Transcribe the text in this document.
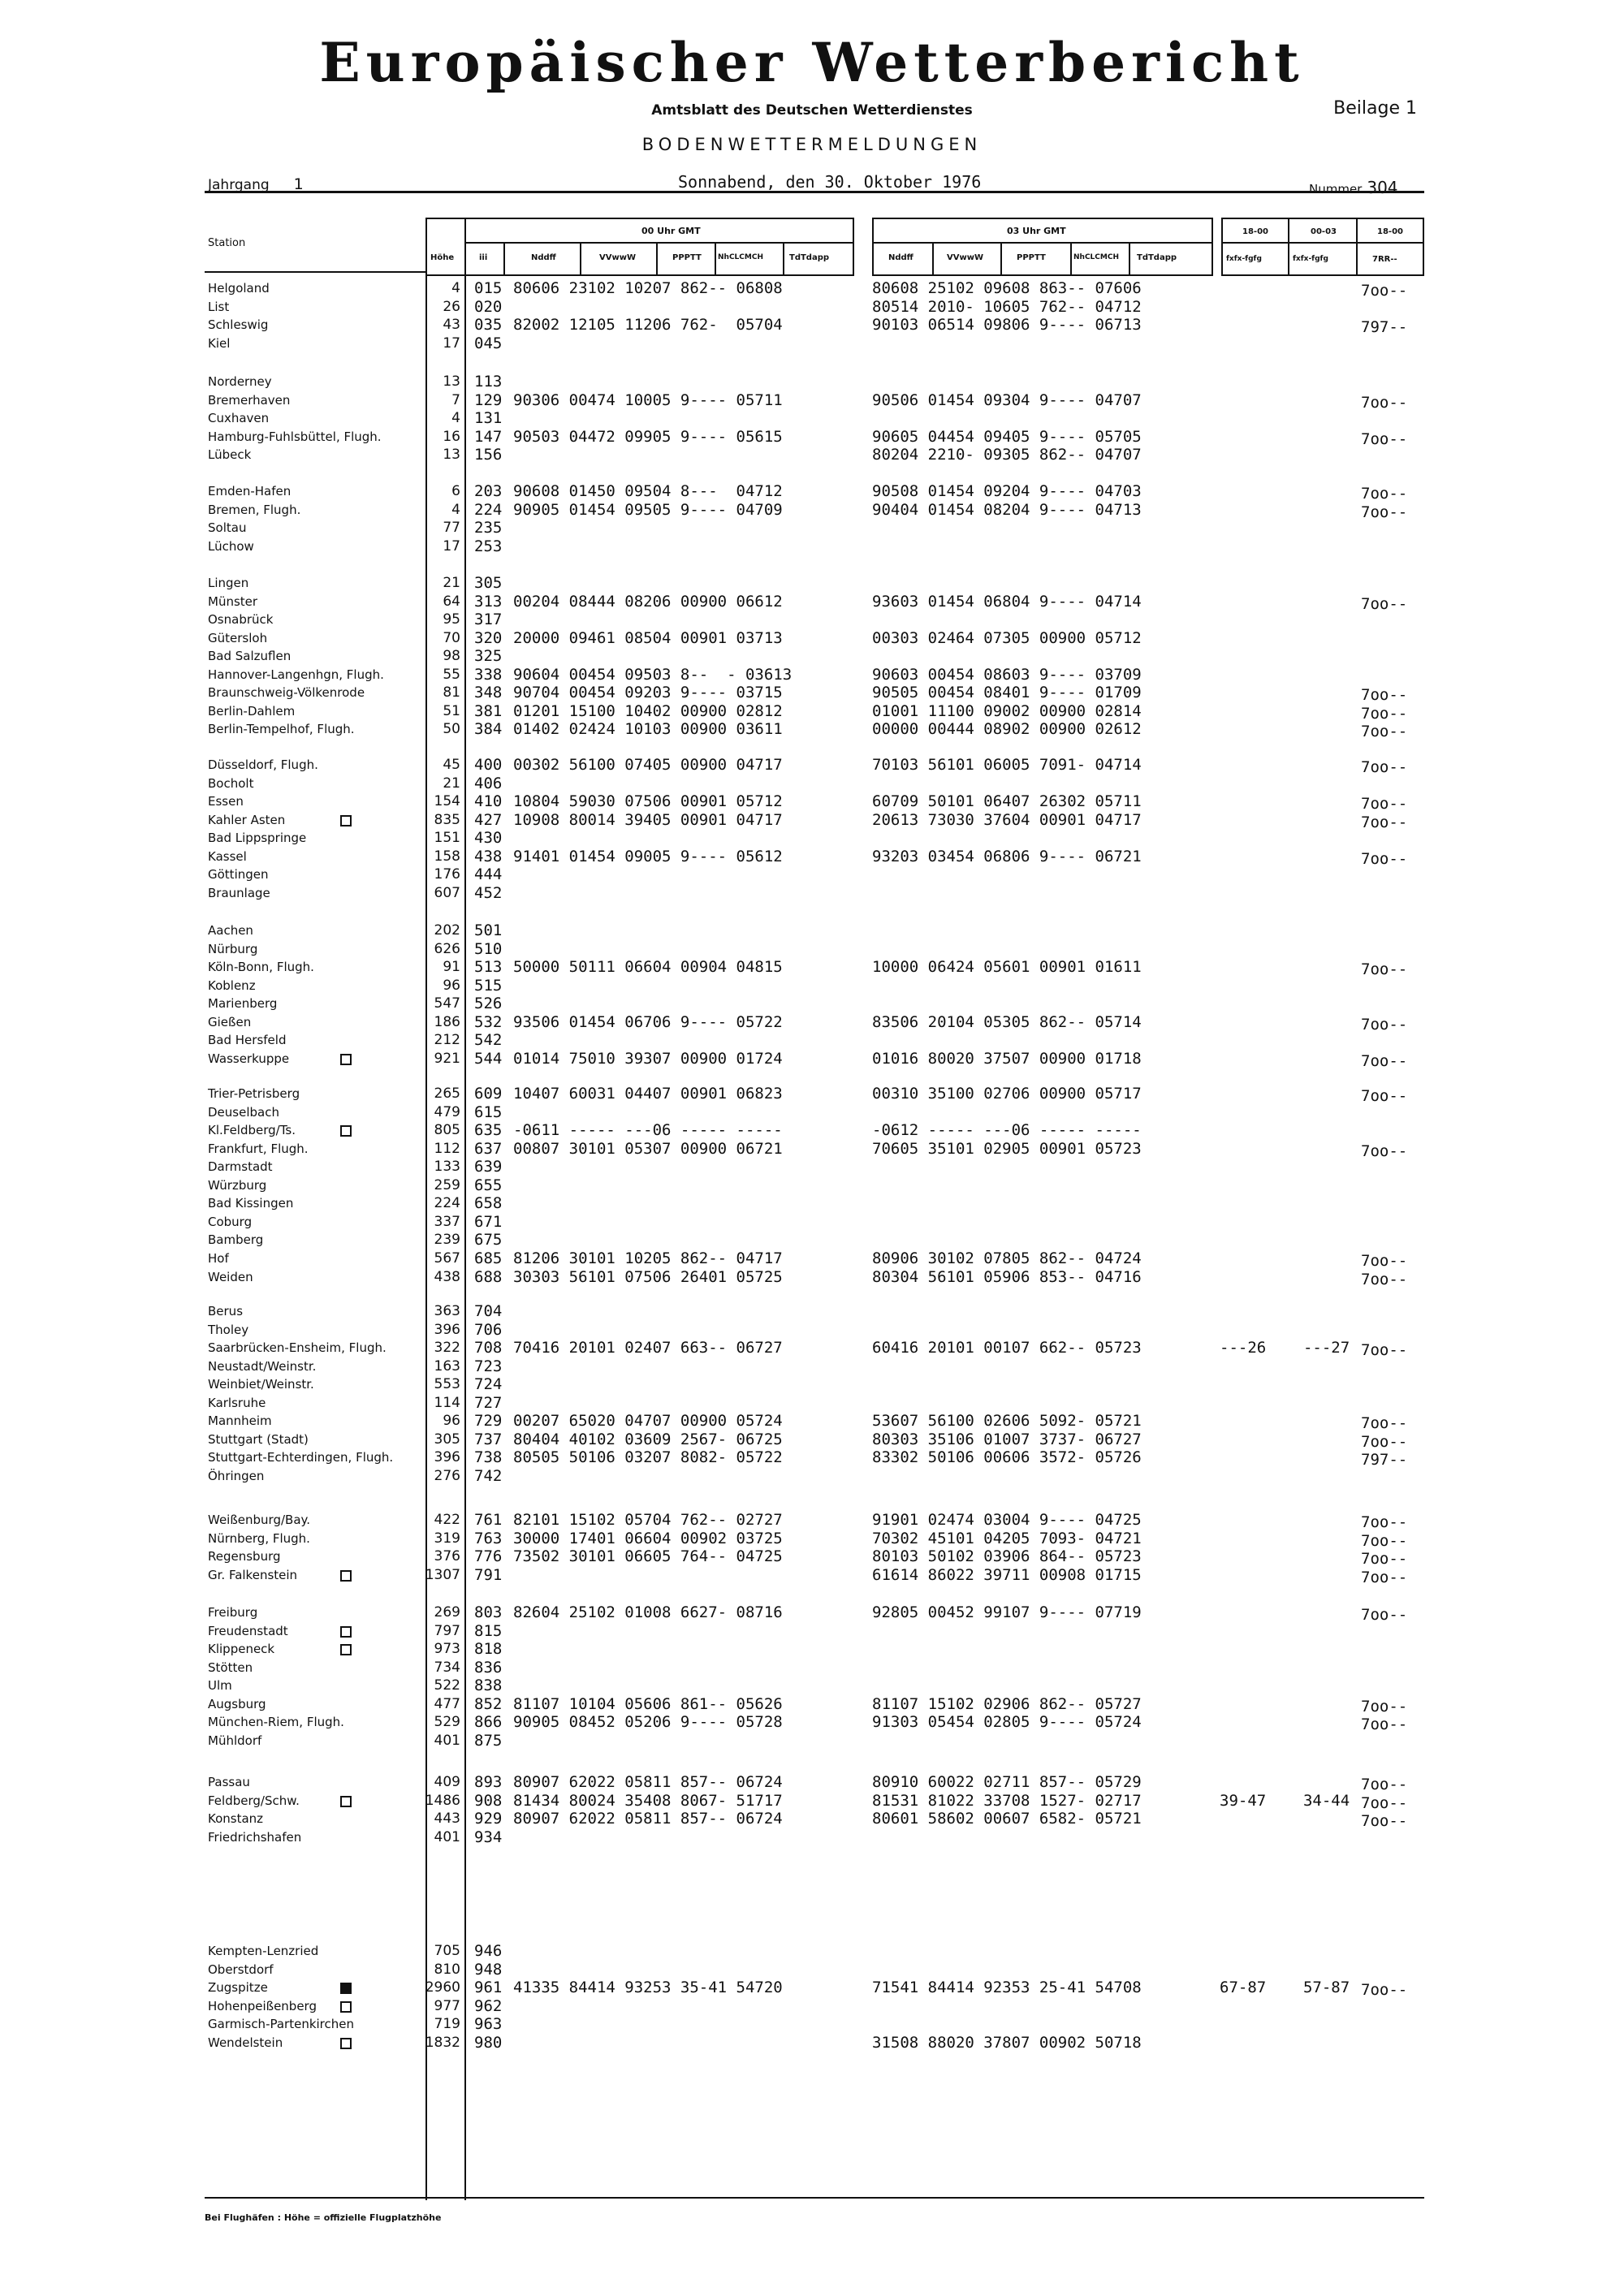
Europäischer Wetterbericht
Amtsblatt des Deutschen Wetterdienstes	Beilage 1
BODENWETTERMELDUNGEN
Jahrgang 1	Sonnabend, den 30. Oktober 1976	Nummer 304
Station
00 Uhr GMT
Höhe	iii	Nddff	VVwwW	PPPTT NhCLCMCH	TdTdapp
03 Uhr GMT
Nddff	VVwwW	PPPTT	NhCLCMCH TdTdapp
18-00	00-03	18-00
fxfx-fgfg	fxfx-fgfg	7RR--
Helgoland	4 015 80606 23102 10207 862-- 06808	80608 25102 09608 863-- 07606	7oo--
List	26 020	80514 2010- 10605 762-- 04712
Schleswig	43 035 82002 12105 11206 762-  05704	90103 06514 09806 9---- 06713	797--
Kiel	17 045
Norderney	13 113
Bremerhaven	7 129 90306 00474 10005 9---- 05711	90506 01454 09304 9---- 04707	7oo--
Cuxhaven	4 131
Hamburg-Fuhlsbüttel, Flugh.	16 147 90503 04472 09905 9---- 05615	90605 04454 09405 9---- 05705	7oo--
Lübeck	13 156	80204 2210- 09305 862-- 04707
Emden-Hafen	6 203 90608 01450 09504 8---  04712	90508 01454 09204 9---- 04703	7oo--
Bremen, Flugh.	4 224 90905 01454 09505 9---- 04709	90404 01454 08204 9---- 04713	7oo--
Soltau	77 235
Lüchow	17 253
Lingen	21 305
Münster	64 313 00204 08444 08206 00900 06612	93603 01454 06804 9---- 04714	7oo--
Osnabrück	95 317
Gütersloh	70 320 20000 09461 08504 00901 03713	00303 02464 07305 00900 05712
Bad Salzuflen	98 325
Hannover-Langenhgn, Flugh.	55 338 90604 00454 09503 8--  - 03613	90603 00454 08603 9---- 03709
Braunschweig-Völkenrode	81 348 90704 00454 09203 9---- 03715	90505 00454 08401 9---- 01709	7oo--
Berlin-Dahlem	51 381 01201 15100 10402 00900 02812	01001 11100 09002 00900 02814	7oo--
Berlin-Tempelhof, Flugh.	50 384 01402 02424 10103 00900 03611	00000 00444 08902 00900 02612	7oo--
Düsseldorf, Flugh.	45 400 00302 56100 07405 00900 04717	70103 56101 06005 7091- 04714	7oo--
Bocholt	21 406
Essen	154 410 10804 59030 07506 00901 05712	60709 50101 06407 26302 05711	7oo--
Kahler Asten	835 427 10908 80014 39405 00901 04717	20613 73030 37604 00901 04717	7oo--
Bad Lippspringe	151 430
Kassel	158 438 91401 01454 09005 9---- 05612	93203 03454 06806 9---- 06721	7oo--
Göttingen	176 444
Braunlage	607 452
Aachen	202 501
Nürburg	626 510
Köln-Bonn, Flugh.	91 513 50000 50111 06604 00904 04815	10000 06424 05601 00901 01611	7oo--
Koblenz	96 515
Marienberg	547 526
Gießen	186 532 93506 01454 06706 9---- 05722	83506 20104 05305 862-- 05714	7oo--
Bad Hersfeld	212 542
Wasserkuppe	921 544 01014 75010 39307 00900 01724	01016 80020 37507 00900 01718	7oo--
Trier-Petrisberg	265 609 10407 60031 04407 00901 06823	00310 35100 02706 00900 05717	7oo--
Deuselbach	479 615
Kl.Feldberg/Ts.	805 635 -0611 ----- ---06 ----- -----	-0612 ----- ---06 ----- -----
Frankfurt, Flugh.	112 637 00807 30101 05307 00900 06721	70605 35101 02905 00901 05723	7oo--
Darmstadt	133 639
Würzburg	259 655
Bad Kissingen	224 658
Coburg	337 671
Bamberg	239 675
Hof	567 685 81206 30101 10205 862-- 04717	80906 30102 07805 862-- 04724	7oo--
Weiden	438 688 30303 56101 07506 26401 05725	80304 56101 05906 853-- 04716	7oo--
Berus	363 704
Tholey	396 706
Saarbrücken-Ensheim, Flugh.	322 708 70416 20101 02407 663-- 06727	60416 20101 00107 662-- 05723	---26    ---27 7oo--
Neustadt/Weinstr.	163 723
Weinbiet/Weinstr.	553 724
Karlsruhe	114 727
Mannheim	96 729 00207 65020 04707 00900 05724	53607 56100 02606 5092- 05721	7oo--
Stuttgart (Stadt)	305 737 80404 40102 03609 2567- 06725	80303 35106 01007 3737- 06727	7oo--
Stuttgart-Echterdingen, Flugh.	396 738 80505 50106 03207 8082- 05722	83302 50106 00606 3572- 05726	797--
Öhringen	276 742
Weißenburg/Bay.	422 761 82101 15102 05704 762-- 02727	91901 02474 03004 9---- 04725	7oo--
Nürnberg, Flugh.	319 763 30000 17401 06604 00902 03725	70302 45101 04205 7093- 04721	7oo--
Regensburg	376 776 73502 30101 06605 764-- 04725	80103 50102 03906 864-- 05723	7oo--
Gr. Falkenstein	1307 791	61614 86022 39711 00908 01715	7oo--
Freiburg	269 803 82604 25102 01008 6627- 08716	92805 00452 99107 9---- 07719	7oo--
Freudenstadt	797 815
Klippeneck	973 818
Stötten	734 836
Ulm	522 838
Augsburg	477 852 81107 10104 05606 861-- 05626	81107 15102 02906 862-- 05727	7oo--
München-Riem, Flugh.	529 866 90905 08452 05206 9---- 05728	91303 05454 02805 9---- 05724	7oo--
Mühldorf	401 875
Passau	409 893 80907 62022 05811 857-- 06724	80910 60022 02711 857-- 05729	7oo--
Feldberg/Schw.	1486 908 81434 80024 35408 8067- 51717	81531 81022 33708 1527- 02717	39-47    34-44 7oo--
Konstanz	443 929 80907 62022 05811 857-- 06724	80601 58602 00607 6582- 05721	7oo--
Friedrichshafen	401 934
Kempten-Lenzried	705 946
Oberstdorf	810 948
Zugspitze	2960 961 41335 84414 93253 35-41 54720	71541 84414 92353 25-41 54708	67-87    57-87 7oo--
Hohenpeißenberg	977 962
Garmisch-Partenkirchen	719 963
Wendelstein	1832 980	31508 88020 37807 00902 50718
Bei Flughäfen : Höhe = offizielle Flugplatzhöhe
